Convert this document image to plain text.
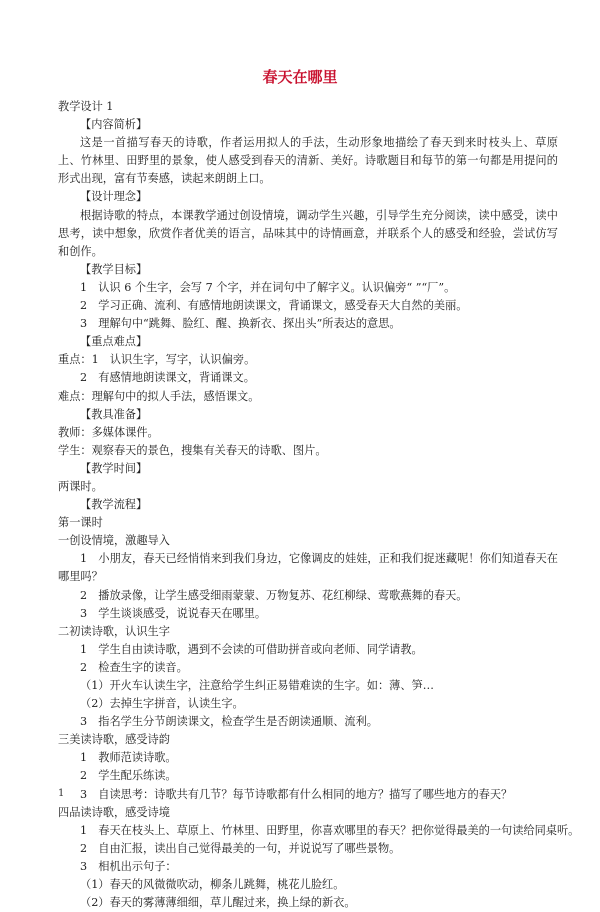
春天在哪里
教学设计 1
【内容简析】
这是一首描写春天的诗歌，作者运用拟人的手法，生动形象地描绘了春天到来时枝头上、草原上、竹林里、田野里的景象，使人感受到春天的清新、美好。诗歌题目和每节的第一句都是用提问的形式出现，富有节奏感，读起来朗朗上口。
【设计理念】
根据诗歌的特点，本课教学通过创设情境，调动学生兴趣，引导学生充分阅读，读中感受，读中思考，读中想象，欣赏作者优美的语言，品味其中的诗情画意，并联系个人的感受和经验，尝试仿写和创作。
【教学目标】
1　认识 6 个生字，会写 7 个字，并在词句中了解字义。认识偏旁“ ”“厂”。
2　学习正确、流利、有感情地朗读课文，背诵课文，感受春天大自然的美丽。
3　理解句中“跳舞、脸红、醒、换新衣、探出头”所表达的意思。
【重点难点】
重点：1　认识生字，写字，认识偏旁。
2　有感情地朗读课文，背诵课文。
难点：理解句中的拟人手法，感悟课文。
【教具准备】
教师：多媒体课件。
学生：观察春天的景色，搜集有关春天的诗歌、图片。
【教学时间】
两课时。
【教学流程】
第一课时
一创设情境，激趣导入
1　小朋友，春天已经悄悄来到我们身边，它像调皮的娃娃，正和我们捉迷藏呢！你们知道春天在哪里吗？
2　播放录像，让学生感受细雨蒙蒙、万物复苏、花红柳绿、莺歌燕舞的春天。
3　学生谈谈感受，说说春天在哪里。
二初读诗歌，认识生字
1　学生自由读诗歌，遇到不会读的可借助拼音或向老师、同学请教。
2　检查生字的读音。
（1）开火车认读生字，注意给学生纠正易错难读的生字。如：薄、笋…
（2）去掉生字拼音，认读生字。
3　指名学生分节朗读课文，检查学生是否朗读通顺、流利。
三美读诗歌，感受诗韵
1　教师范读诗歌。
2　学生配乐练读。
3　自读思考：诗歌共有几节？每节诗歌都有什么相同的地方？描写了哪些地方的春天？
四品读诗歌，感受诗境
1　春天在枝头上、草原上、竹林里、田野里，你喜欢哪里的春天？把你觉得最美的一句读给同桌听。
2　自由汇报，读出自己觉得最美的一句，并说说写了哪些景物。
3　相机出示句子：
（1）春天的风微微吹动，柳条儿跳舞，桃花儿脸红。
（2）春天的雾薄薄细细，草儿醒过来，换上绿的新衣。
1
